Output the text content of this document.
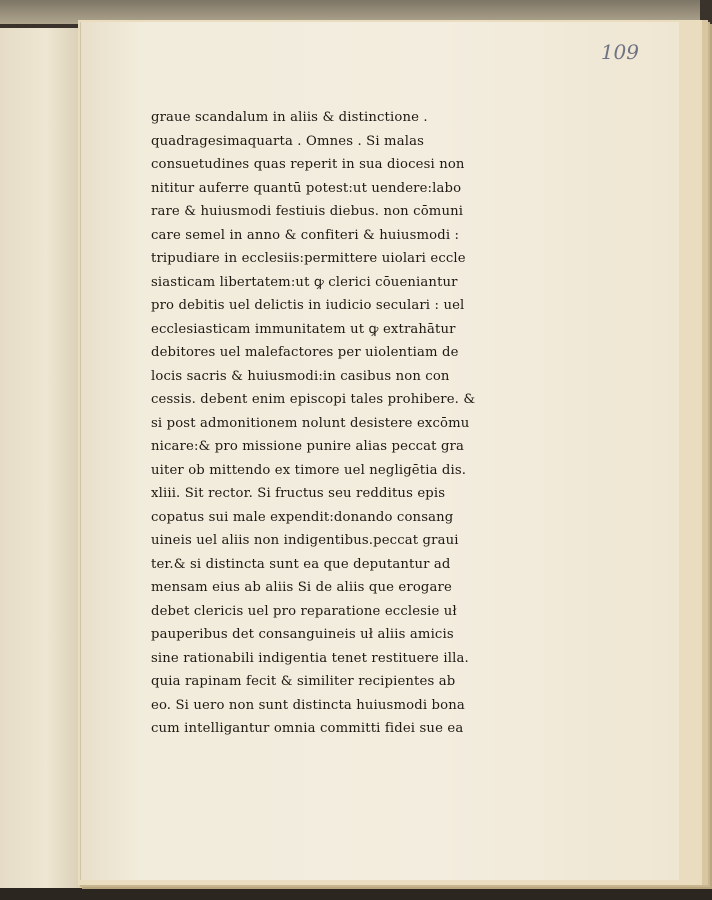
109
graue scandalum in aliis & distinctione .
quadragesimaquarta . Omnes . Si malas
consuetudines quas reperit in sua diocesi non
nititur auferre quantū potest:ut uendere:labo
rare & huiusmodi festiuis diebus. non cōmuni
care semel in anno & confiteri & huiusmodi :
tripudiare in ecclesiis:permittere uiolari eccle
siasticam libertatem:ut ꝙ clerici cōueniantur
pro debitis uel delictis in iudicio seculari : uel
ecclesiasticam immunitatem ut ꝙ extrahātur
debitores uel malefactores per uiolentiam de
locis sacris & huiusmodi:in casibus non con
cessis. debent enim episcopi tales prohibere. &
si post admonitionem nolunt desistere excōmu
nicare:& pro missione punire alias peccat gra
uiter ob mittendo ex timore uel negligētia dis.
xliii. Sit rector. Si fructus seu redditus epis
copatus sui male expendit:donando consang
uineis uel aliis non indigentibus.peccat graui
ter.& si distincta sunt ea que deputantur ad
mensam eius ab aliis Si de aliis que erogare
debet clericis uel pro reparatione ecclesie uł
pauperibus det consanguineis uł aliis amicis
sine rationabili indigentia tenet restituere illa.
quia rapinam fecit & similiter recipientes ab
eo. Si uero non sunt distincta huiusmodi bona
cum intelligantur omnia committi fidei sue ea
